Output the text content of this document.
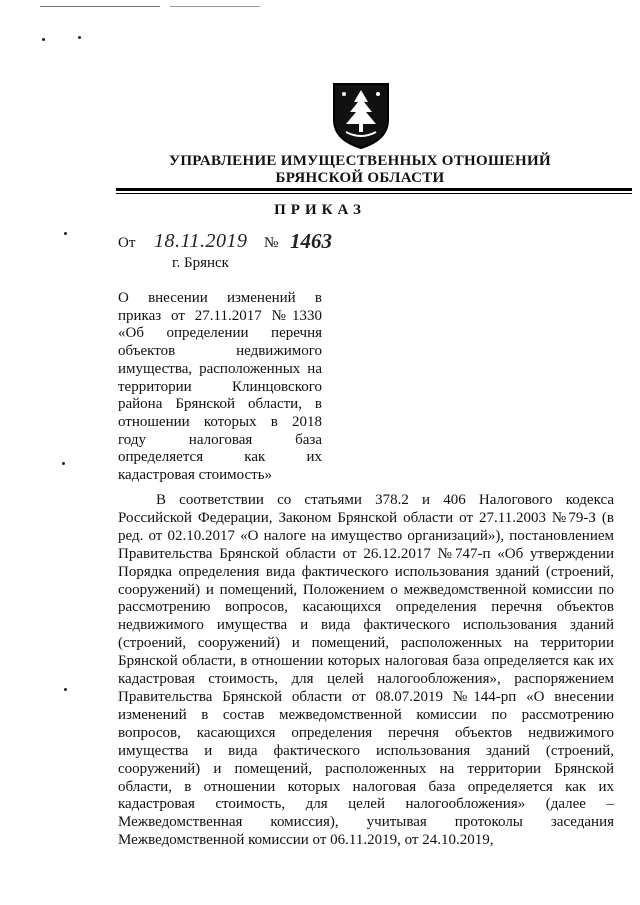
УПРАВЛЕНИЕ ИМУЩЕСТВЕННЫХ ОТНОШЕНИЙ
БРЯНСКОЙ ОБЛАСТИ
ПРИКАЗ
От 18.11.2019 № 1463
г. Брянск
О внесении изменений в приказ от 27.11.2017 №1330 «Об определении перечня объектов недвижимого имущества, расположенных на территории Клинцовского района Брянской области, в отношении которых в 2018 году налоговая база определяется как их кадастровая стоимость»
В соответствии со статьями 378.2 и 406 Налогового кодекса Российской Федерации, Законом Брянской области от 27.11.2003 №79-З (в ред. от 02.10.2017 «О налоге на имущество организаций»), постановлением Правительства Брянской области от 26.12.2017 №747-п «Об утверждении Порядка определения вида фактического использования зданий (строений, сооружений) и помещений, Положением о межведомственной комиссии по рассмотрению вопросов, касающихся определения перечня объектов недвижимого имущества и вида фактического использования зданий (строений, сооружений) и помещений, расположенных на территории Брянской области, в отношении которых налоговая база определяется как их кадастровая стоимость, для целей налогообложения», распоряжением Правительства Брянской области от 08.07.2019 №144-рп «О внесении изменений в состав межведомственной комиссии по рассмотрению вопросов, касающихся определения перечня объектов недвижимого имущества и вида фактического использования зданий (строений, сооружений) и помещений, расположенных на территории Брянской области, в отношении которых налоговая база определяется как их кадастровая стоимость, для целей налогообложения» (далее – Межведомственная комиссия), учитывая протоколы заседания Межведомственной комиссии от 06.11.2019, от 24.10.2019,
